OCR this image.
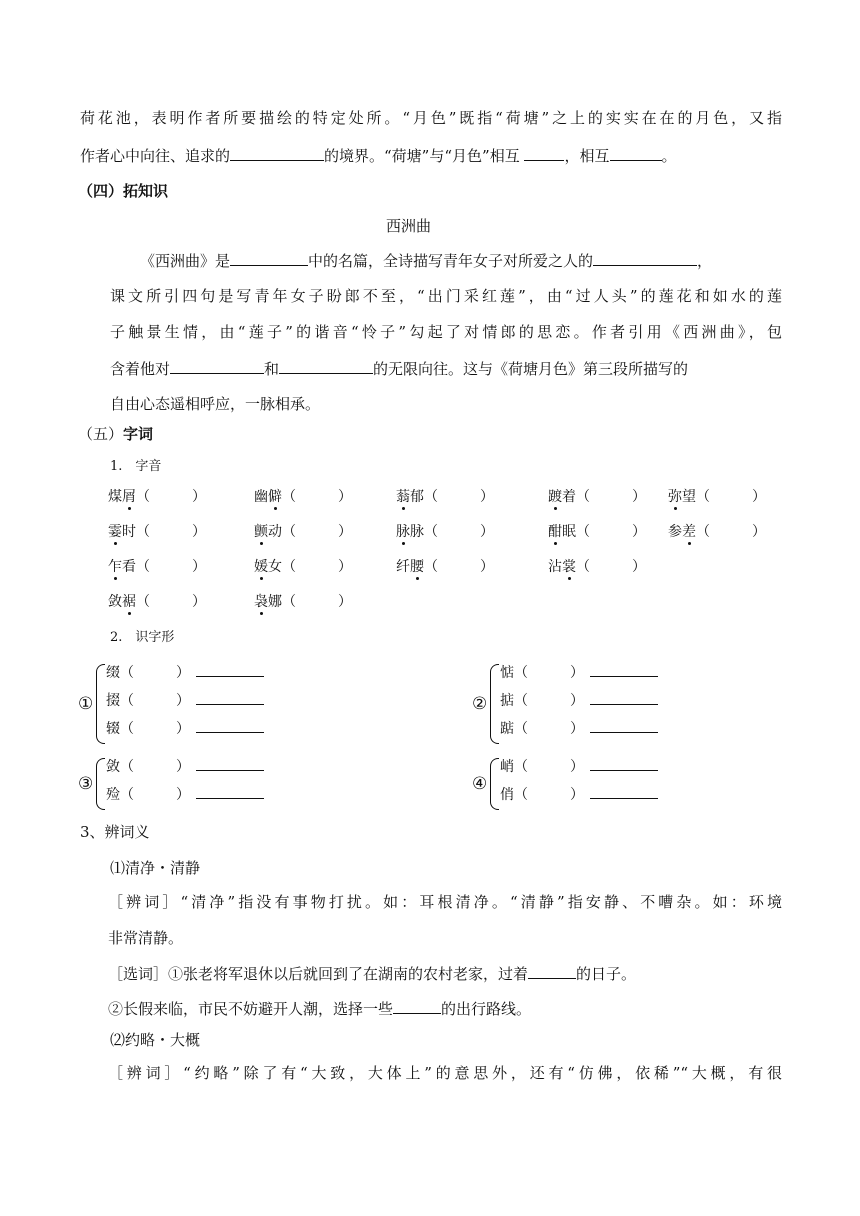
荷花池，表明作者所要描绘的特定处所。“月色”既指“荷塘”之上的实实在在的月色，又指
作者心中向往、追求的	的境界。“荷塘”与“月色”相互	，相互	。
（四）拓知识
西洲曲
《西洲曲》是	中的名篇，全诗描写青年女子对所爱之人的	，
课文所引四句是写青年女子盼郎不至，“出门采红莲”，由“过人头”的莲花和如水的莲
子触景生情，由“莲子”的谐音“怜子”勾起了对情郎的思恋。作者引用《西洲曲》，包
含着他对	和	的无限向往。这与《荷塘月色》第三段所描写的
自由心态遥相呼应，一脉相承。
（五）字词
1.　字音
煤屑（　　　）	幽僻（　　　）	蓊郁（　　　）	踱着（　　　） 弥望（　　　）
霎时（　　　）	颤动（　　　）	脉脉（　　　）	酣眠（　　　） 参差（　　　）
乍看（　　　）	媛女（　　　）	纤腰（　　　）	沾裳（　　　）
敛裾（　　　）	袅娜（　　　）
2.　识字形
①
缀（　　　）
掇（　　　）
辍（　　　）
②
惦（　　　）
掂（　　　）
踮（　　　）
③
敛（　　　）
殓（　　　）
④
峭（　　　）
俏（　　　）
3、辨词义
⑴清净・清静
［辨词］“清净”指没有事物打扰。如：耳根清净。“清静”指安静、不嘈杂。如：环境
非常清静。
［选词］①张老将军退休以后就回到了在湖南的农村老家，过着	的日子。
②长假来临，市民不妨避开人潮，选择一些	的出行路线。
⑵约略・大概
［辨词］“约略”除了有“大致，大体上”的意思外，还有“仿佛，依稀”“大概，有很
